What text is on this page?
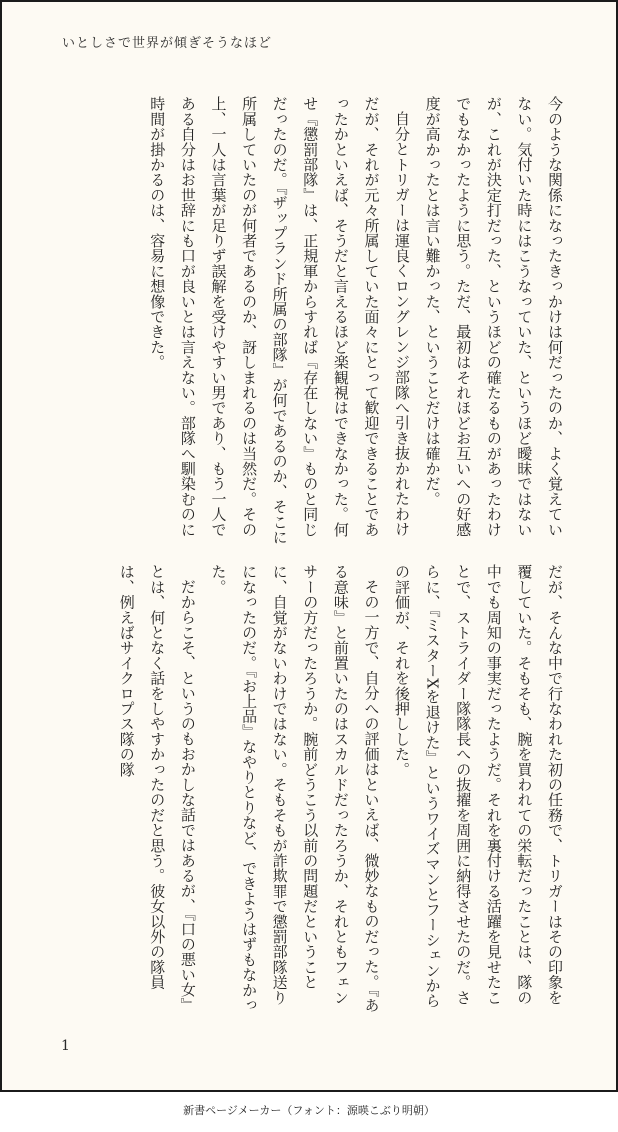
いとしさで世界が傾ぎそうなほど

今のような関係になったきっかけは何だったのか、よく覚えていない。気付いた時にはこうなっていた、というほど曖昧ではないが、これが決定打だった、というほどの確たるものがあったわけでもなかったように思う。ただ、最初はそれほどお互いへの好感度が高かったとは言い難かった、ということだけは確かだ。

自分とトリガーは運良くロングレンジ部隊へ引き抜かれたわけだが、それが元々所属していた面々にとって歓迎できることであったかといえば、そうだと言えるほど楽観視はできなかった。何せ『懲罰部隊』は、正規軍からすれば『存在しない』ものと同じだったのだ。『ザップランド所属の部隊』が何であるのか、そこに所属していたのが何者であるのか、訝しまれるのは当然だ。その上、一人は言葉が足りず誤解を受けやすい男であり、もう一人である自分はお世辞にも口が良いとは言えない。部隊へ馴染むのに時間が掛かるのは、容易に想像できた。

だが、そんな中で行なわれた初の任務で、トリガーはその印象を覆していた。そもそも、腕を買われての栄転だったことは、隊の中でも周知の事実だったようだ。それを裏付ける活躍を見せたことで、ストライダー隊隊長への抜擢を周囲に納得させたのだ。さらに、『ミスターXを退けた』というワイズマンとフーシェンからの評価が、それを後押しした。

その一方で、自分への評価はといえば、微妙なものだった。『ある意味』と前置いたのはスカルドだったろうか、それともフェンサーの方だったろうか。腕前どうこう以前の問題だということに、自覚がないわけではない。そもそもが詐欺罪で懲罰部隊送りになったのだ。『お上品』なやりとりなど、できようはずもなかった。

だからこそ、というのもおかしな話ではあるが、『口の悪い女』とは、何となく話をしやすかったのだと思う。彼女以外の隊員は、例えばサイクロプス隊の隊

1
新書ページメーカー（フォント：源暎こぶり明朝）
